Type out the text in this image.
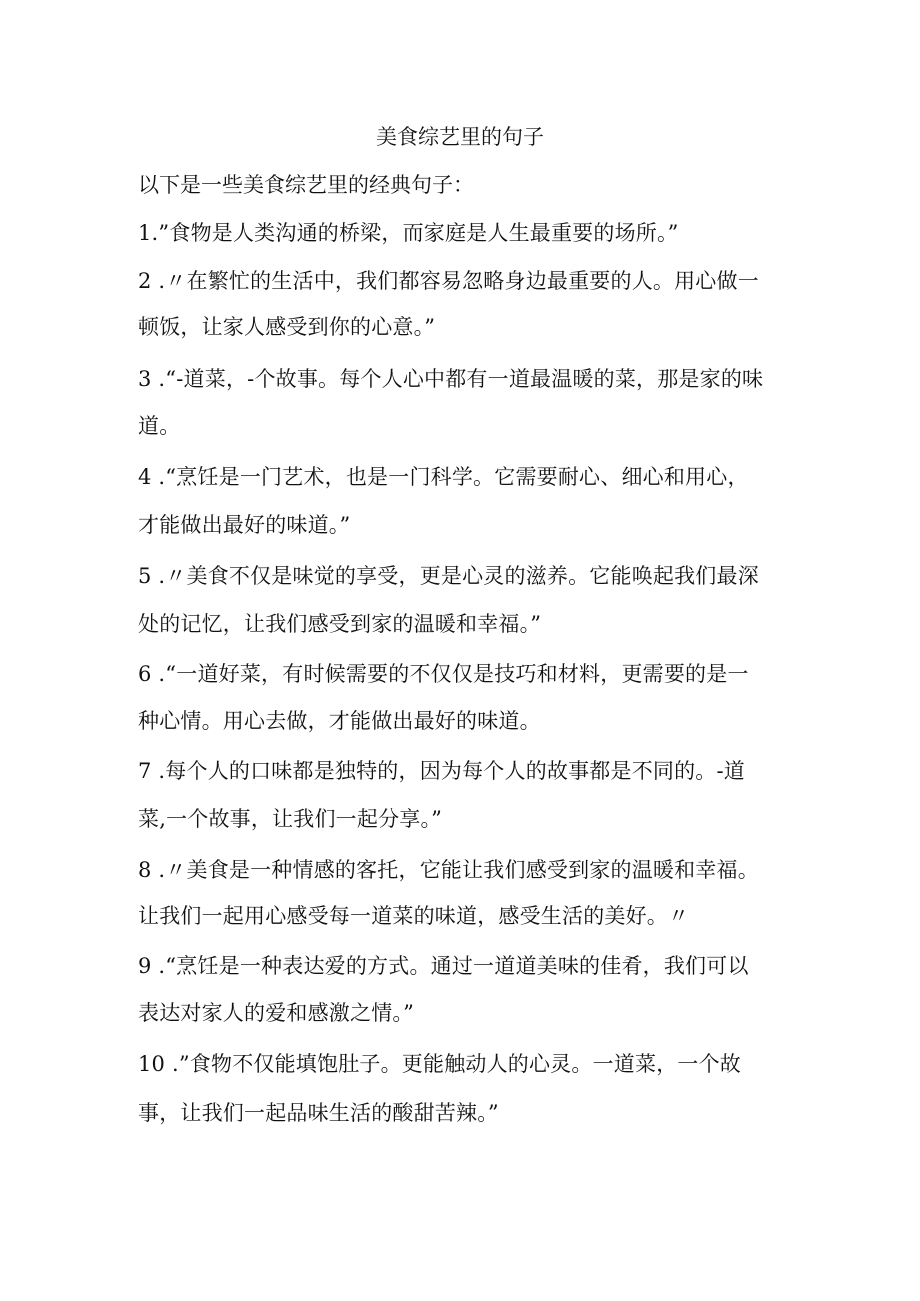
美食综艺里的句子
以下是一些美食综艺里的经典句子：
1.”食物是人类沟通的桥梁，而家庭是人生最重要的场所。”
2 .〃在繁忙的生活中，我们都容易忽略身边最重要的人。用心做一
顿饭，让家人感受到你的心意。”
3 .“-道菜，-个故事。每个人心中都有一道最温暖的菜，那是家的味
道。
4 .“烹饪是一门艺术，也是一门科学。它需要耐心、细心和用心，
才能做出最好的味道。”
5 .〃美食不仅是味觉的享受，更是心灵的滋养。它能唤起我们最深
处的记忆，让我们感受到家的温暖和幸福。”
6 .“一道好菜，有时候需要的不仅仅是技巧和材料，更需要的是一
种心情。用心去做，才能做出最好的味道。
7 .每个人的口味都是独特的，因为每个人的故事都是不同的。-道
菜,一个故事，让我们一起分享。”
8 .〃美食是一种情感的客托，它能让我们感受到家的温暖和幸福。
让我们一起用心感受每一道菜的味道，感受生活的美好。〃
9 .“烹饪是一种表达爱的方式。通过一道道美味的佳肴，我们可以
表达对家人的爱和感激之情。”
10 .”食物不仅能填饱肚子。更能触动人的心灵。一道菜，一个故
事，让我们一起品味生活的酸甜苦辣。”
